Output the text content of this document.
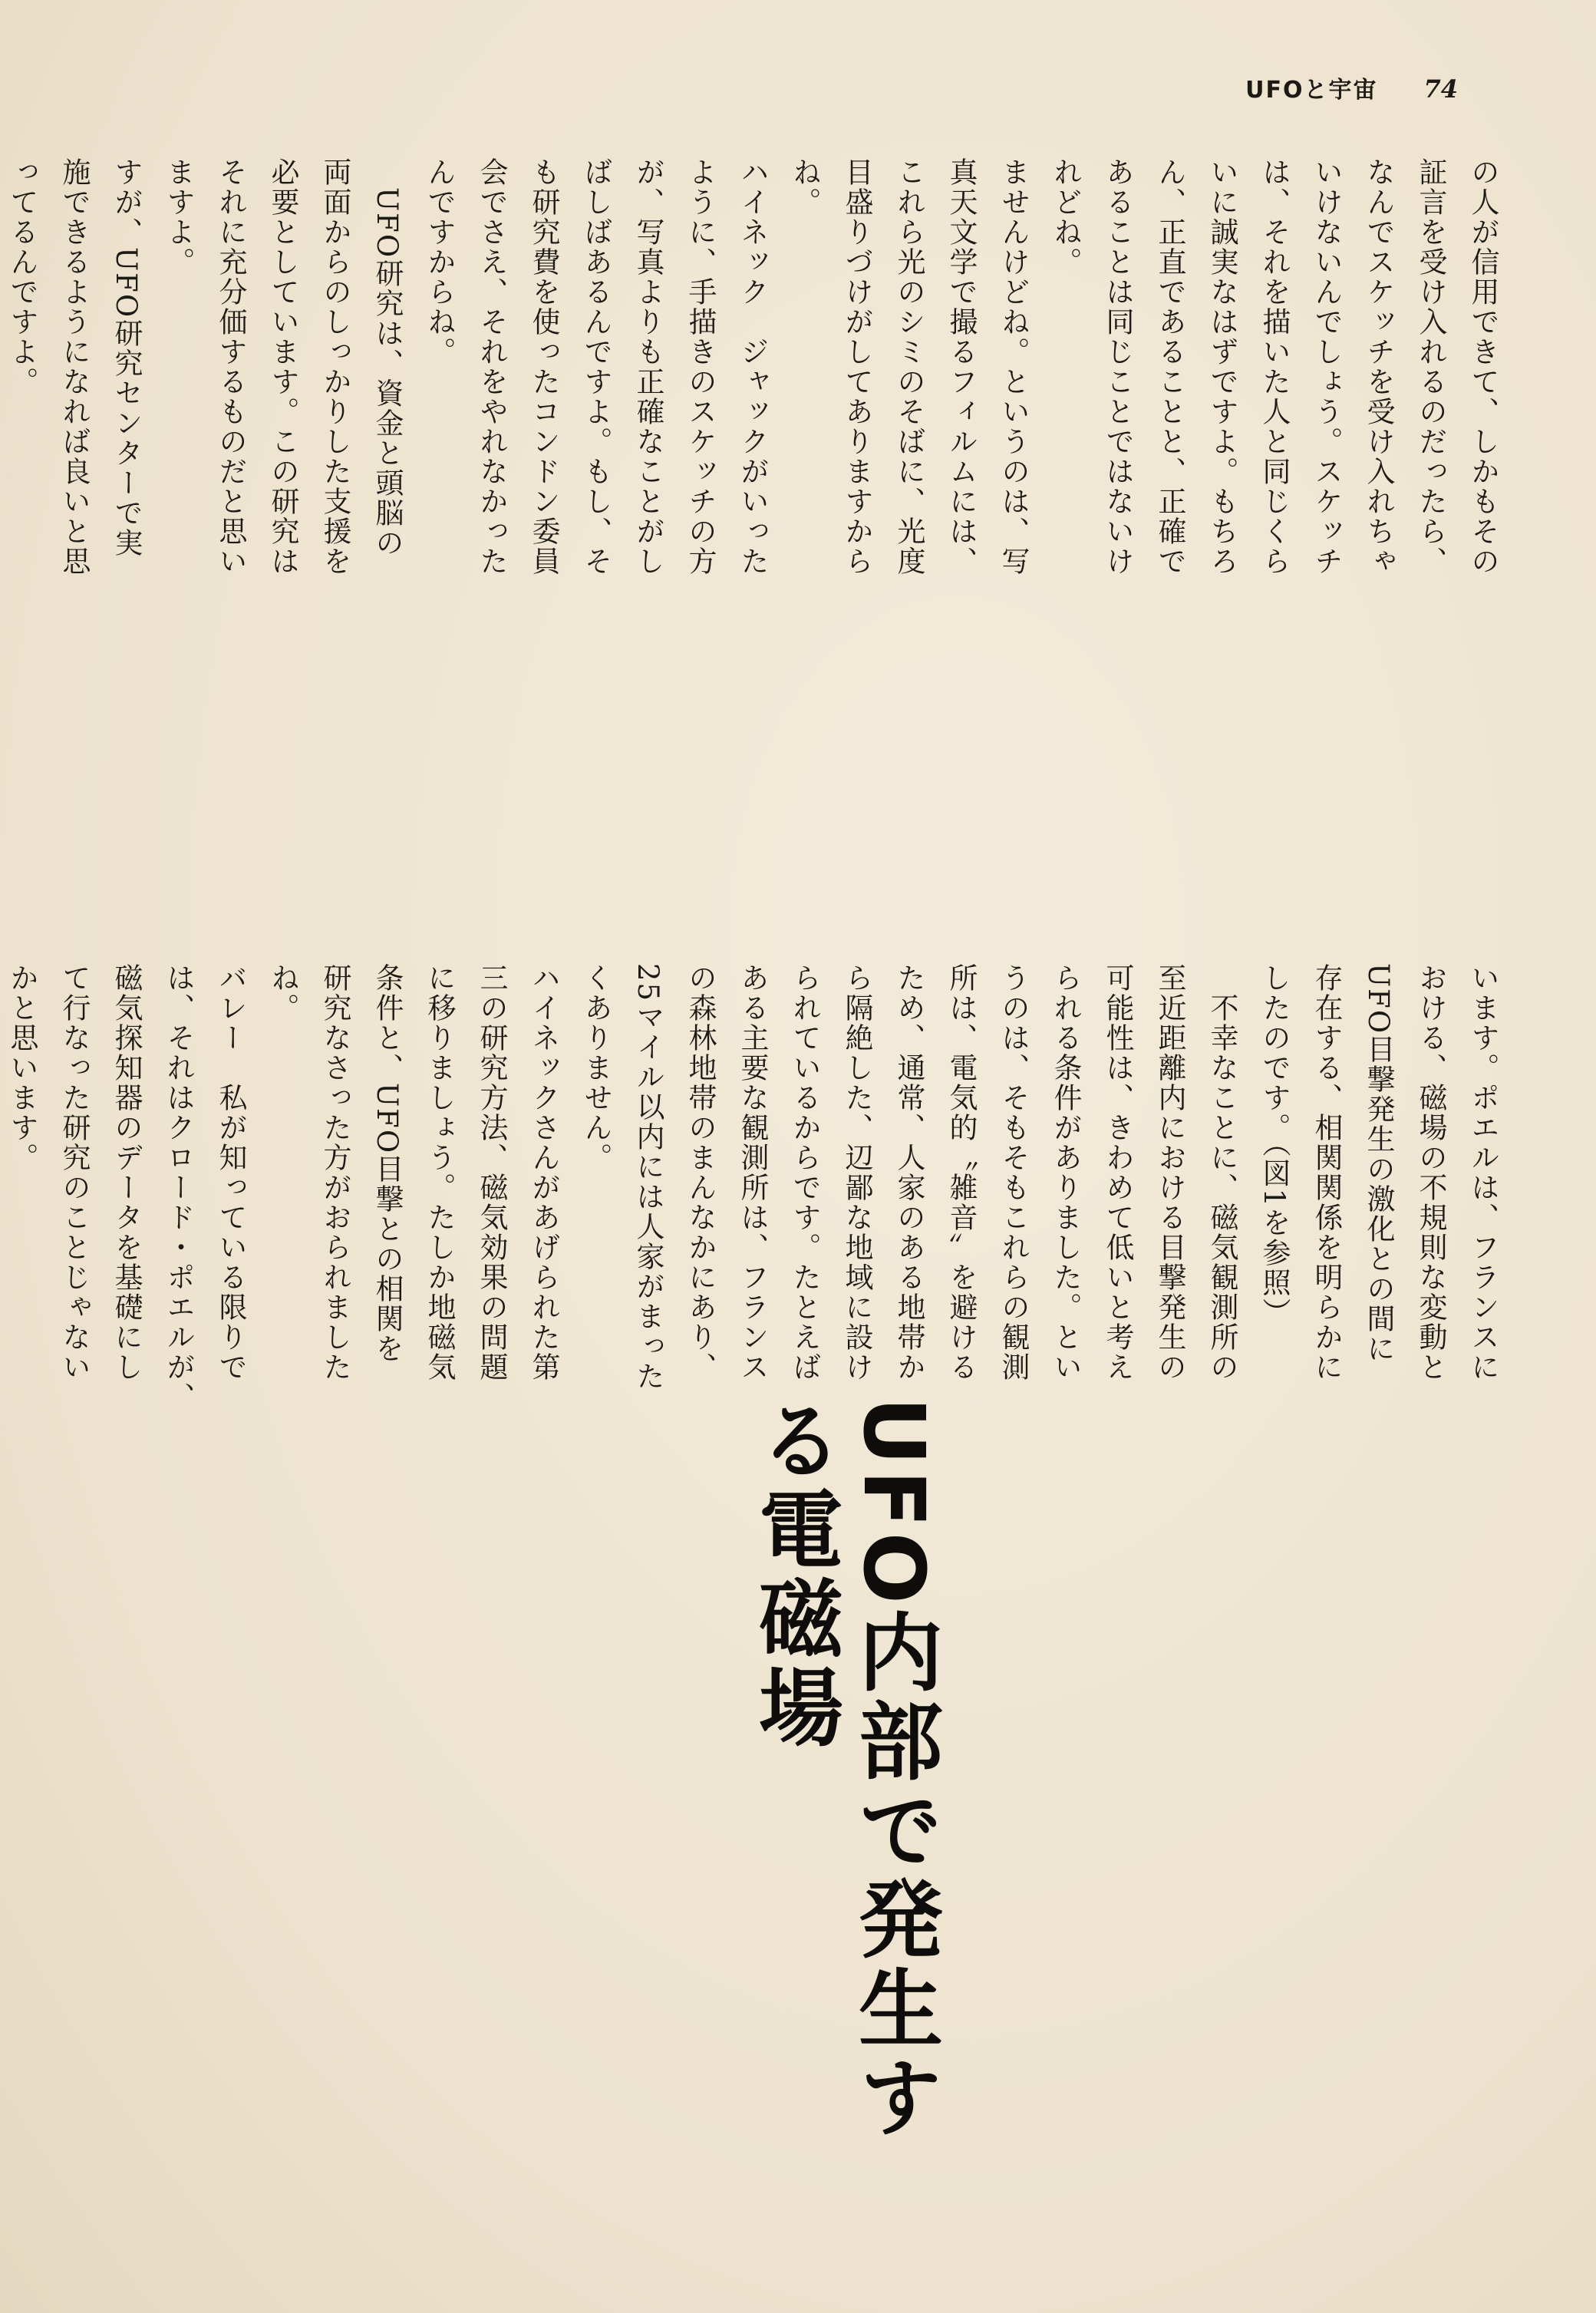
UFOと宇宙 74
の人が信用できて、しかもその
証言を受け入れるのだったら、
なんでスケッチを受け入れちゃ
いけないんでしょう。スケッチ
は、それを描いた人と同じくら
いに誠実なはずですよ。もちろ
ん、正直であることと、正確で
あることは同じことではないけ
れどね。
ませんけどね。というのは、写
真天文学で撮るフィルムには、
これら光のシミのそばに、光度
目盛りづけがしてありますから
ね。
ハイネック　ジャックがいった
ように、手描きのスケッチの方
が、写真よりも正確なことがし
ばしばあるんですよ。もし、そ
も研究費を使ったコンドン委員
会でさえ、それをやれなかった
んですからね。
　UFO研究は、資金と頭脳の
両面からのしっかりした支援を
必要としています。この研究は
それに充分価するものだと思い
ますよ。
すが、UFO研究センターで実
施できるようになれば良いと思
ってるんですよ。
います。ポエルは、フランスに
おける、磁場の不規則な変動と
UFO目撃発生の激化との間に
存在する、相関関係を明らかに
したのです。（図1を参照）
　不幸なことに、磁気観測所の
至近距離内における目撃発生の
可能性は、きわめて低いと考え
られる条件がありました。とい
うのは、そもそもこれらの観測
所は、電気的〝雑音〟を避ける
ため、通常、人家のある地帯か
ら隔絶した、辺鄙な地域に設け
られているからです。たとえば
ある主要な観測所は、フランス
の森林地帯のまんなかにあり、
25マイル以内には人家がまった
くありません。
ハイネックさんがあげられた第
三の研究方法、磁気効果の問題
に移りましょう。たしか地磁気
条件と、UFO目撃との相関を
研究なさった方がおられました
ね。
バレー　私が知っている限りで
は、それはクロード・ポエルが、
磁気探知器のデータを基礎にし
て行なった研究のことじゃない
かと思います。
UFO内部で発生する電磁場
